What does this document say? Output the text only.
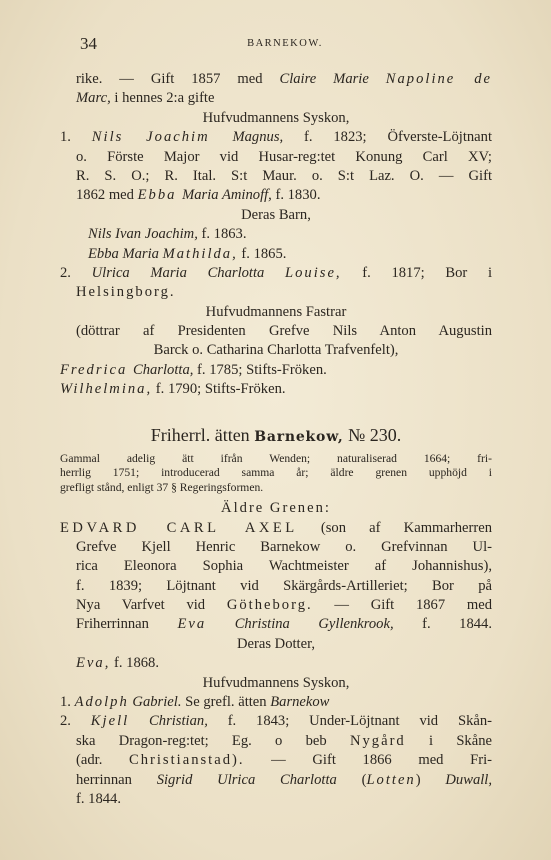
34	BARNEKOW.
rike. — Gift 1857 med Claire Marie Napoline de
Marc, i hennes 2:a gifte
Hufvudmannens Syskon,
1. Nils Joachim Magnus, f. 1823; Öfverste-Löjtnant
o. Förste Major vid Husar-reg:tet Konung Carl XV;
R. S. O.; R. Ital. S:t Maur. o. S:t Laz. O. — Gift
1862 med Ebba Maria Aminoff, f. 1830.
Deras Barn,
Nils Ivan Joachim, f. 1863.
Ebba Maria Mathilda, f. 1865.
2. Ulrica Maria Charlotta Louise, f. 1817; Bor i
Helsingborg.
Hufvudmannens Fastrar
(döttrar af Presidenten Grefve Nils Anton Augustin
Barck o. Catharina Charlotta Trafvenfelt),
Fredrica Charlotta, f. 1785; Stifts-Fröken.
Wilhelmina, f. 1790; Stifts-Fröken.
Friherrl. ätten Barnekow, № 230.
Gammal adelig ätt ifrån Wenden; naturaliserad 1664; fri-
herrlig 1751; introducerad samma år; äldre grenen upphöjd i
grefligt stånd, enligt 37 § Regeringsformen.
Äldre Grenen:
EDVARD CARL AXEL (son af Kammarherren
Grefve Kjell Henric Barnekow o. Grefvinnan Ul-
rica Eleonora Sophia Wachtmeister af Johannishus),
f. 1839; Löjtnant vid Skärgårds-Artilleriet; Bor på
Nya Varfvet vid Götheborg. — Gift 1867 med
Friherrinnan Eva Christina Gyllenkrook, f. 1844.
Deras Dotter,
Eva, f. 1868.
Hufvudmannens Syskon,
1. Adolph Gabriel. Se grefl. ätten Barnekow
2. Kjell Christian, f. 1843; Under-Löjtnant vid Skån-
ska Dragon-reg:tet; Eg. o beb Nygård i Skåne
(adr. Christianstad). — Gift 1866 med Fri-
herrinnan Sigrid Ulrica Charlotta (Lotten) Duwall,
f. 1844.
